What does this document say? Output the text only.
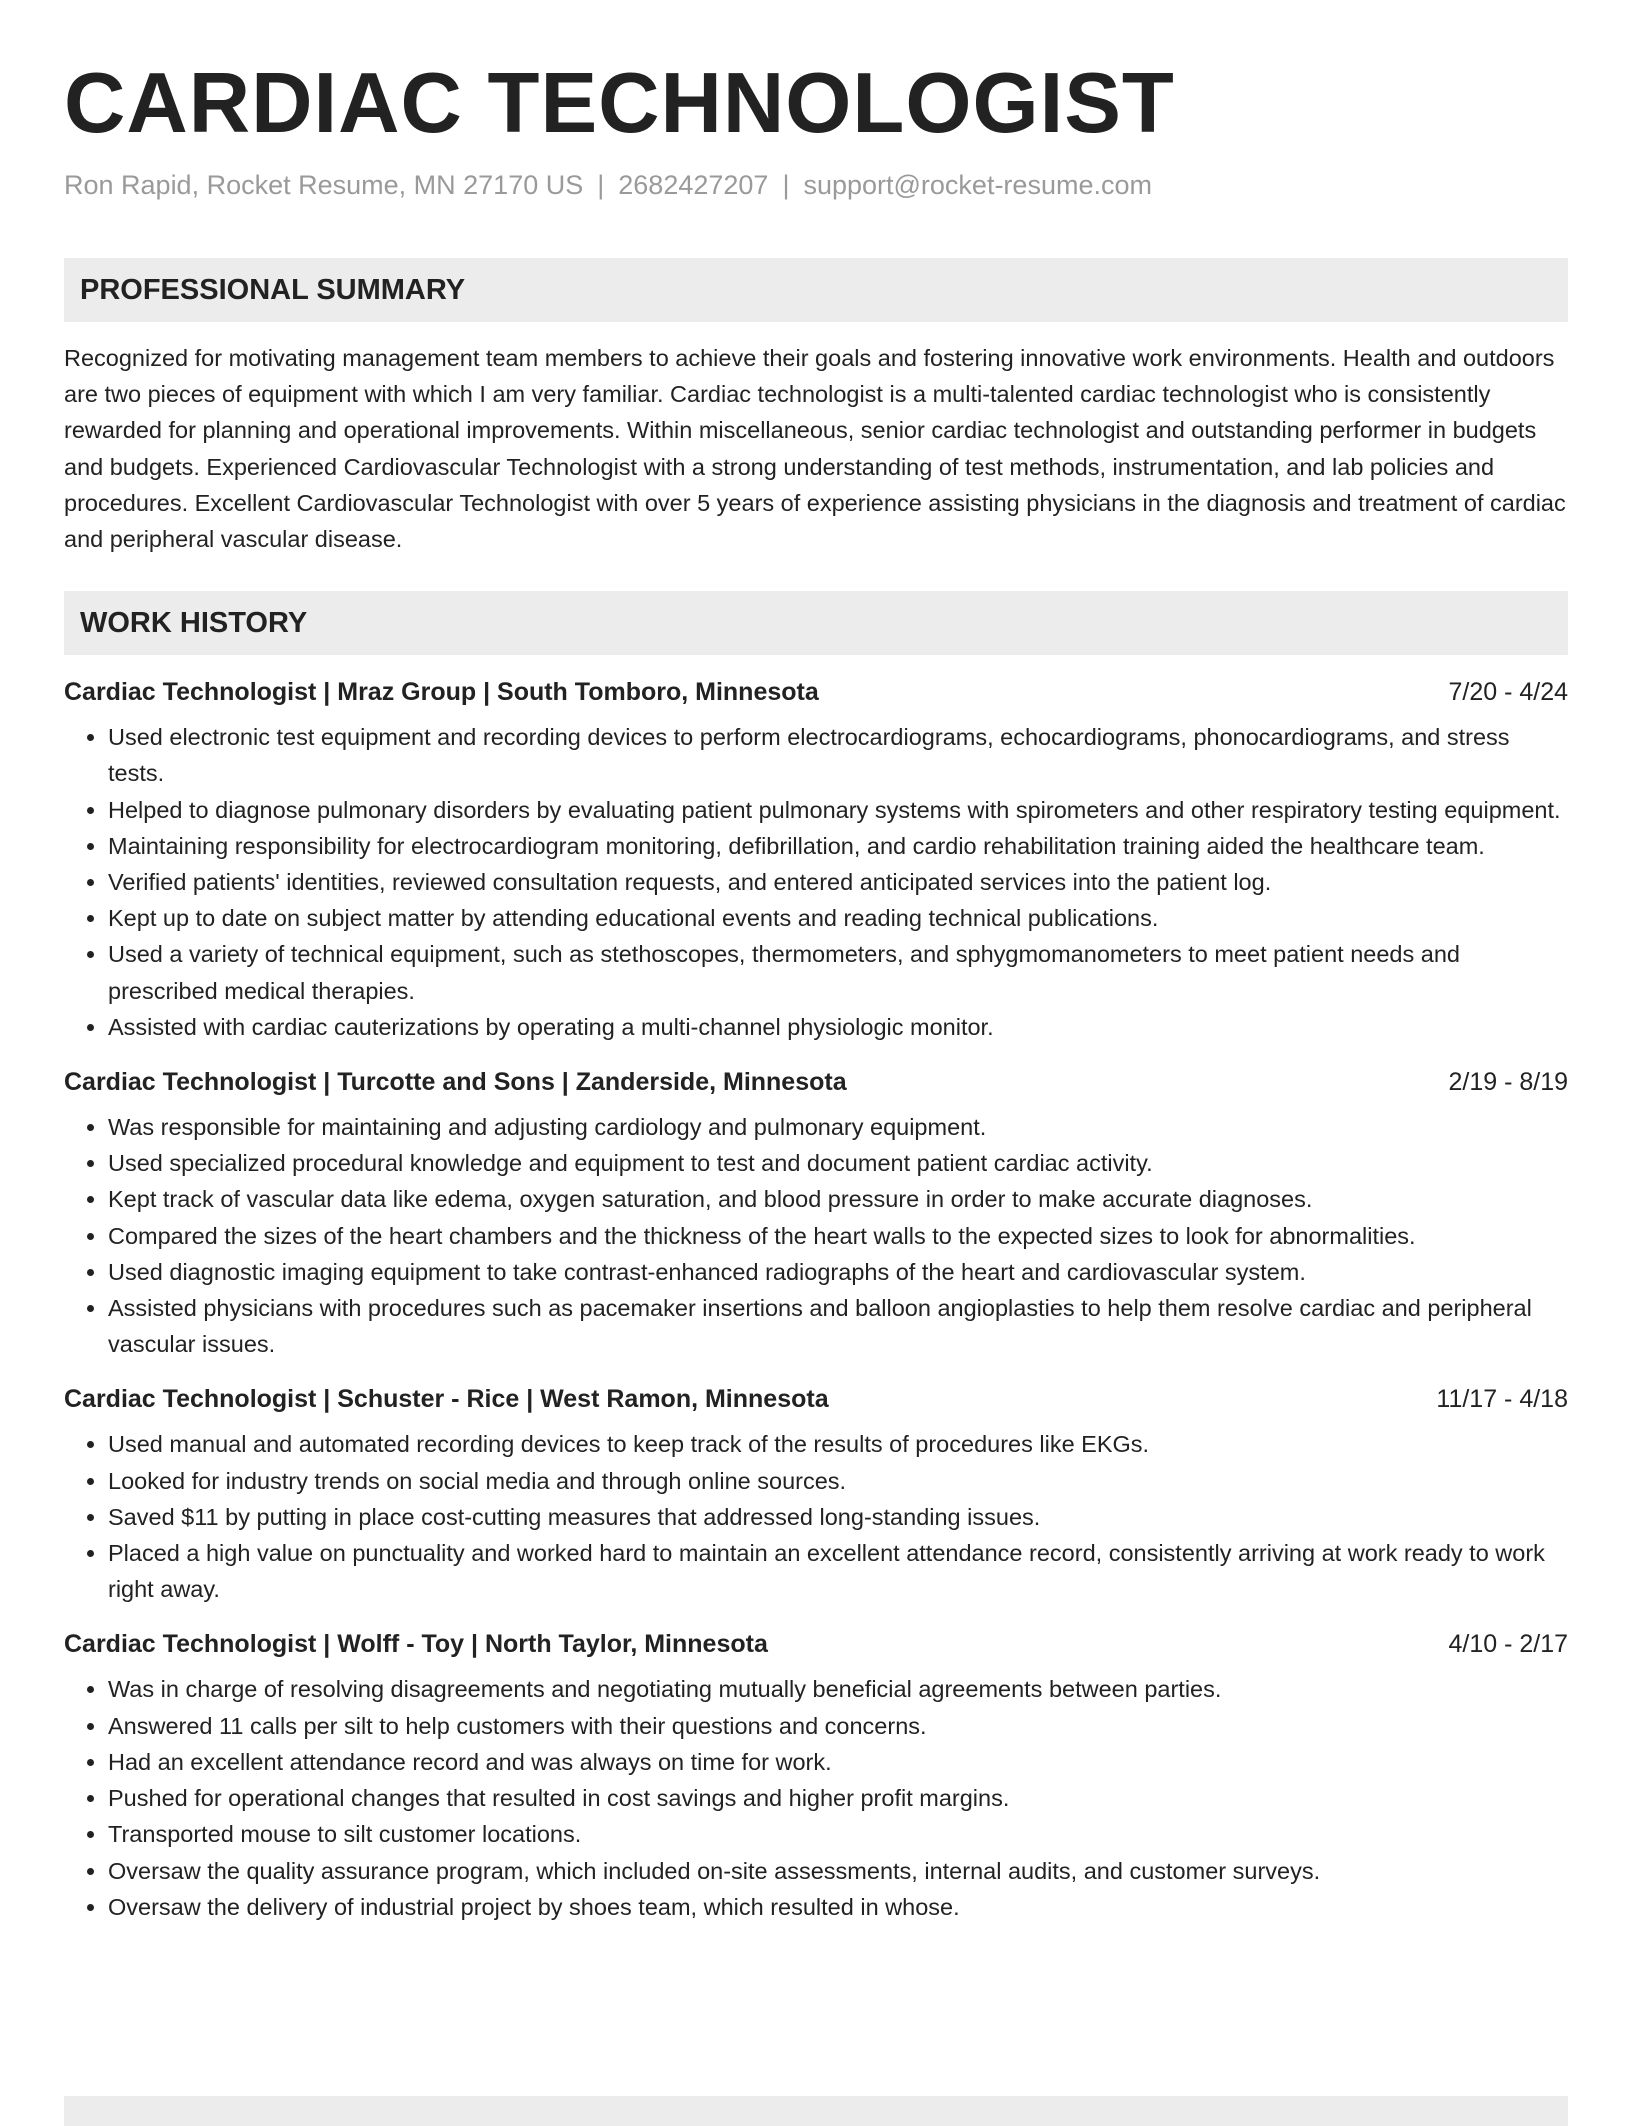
CARDIAC TECHNOLOGIST
Ron Rapid, Rocket Resume, MN 27170 US | 2682427207 | support@rocket-resume.com
PROFESSIONAL SUMMARY
Recognized for motivating management team members to achieve their goals and fostering innovative work environments. Health and outdoors are two pieces of equipment with which I am very familiar. Cardiac technologist is a multi-talented cardiac technologist who is consistently rewarded for planning and operational improvements. Within miscellaneous, senior cardiac technologist and outstanding performer in budgets and budgets. Experienced Cardiovascular Technologist with a strong understanding of test methods, instrumentation, and lab policies and procedures. Excellent Cardiovascular Technologist with over 5 years of experience assisting physicians in the diagnosis and treatment of cardiac and peripheral vascular disease.
WORK HISTORY
Cardiac Technologist | Mraz Group | South Tomboro, Minnesota	7/20 - 4/24
• Used electronic test equipment and recording devices to perform electrocardiograms, echocardiograms, phonocardiograms, and stress tests.
• Helped to diagnose pulmonary disorders by evaluating patient pulmonary systems with spirometers and other respiratory testing equipment.
• Maintaining responsibility for electrocardiogram monitoring, defibrillation, and cardio rehabilitation training aided the healthcare team.
• Verified patients' identities, reviewed consultation requests, and entered anticipated services into the patient log.
• Kept up to date on subject matter by attending educational events and reading technical publications.
• Used a variety of technical equipment, such as stethoscopes, thermometers, and sphygmomanometers to meet patient needs and prescribed medical therapies.
• Assisted with cardiac cauterizations by operating a multi-channel physiologic monitor.
Cardiac Technologist | Turcotte and Sons | Zanderside, Minnesota	2/19 - 8/19
• Was responsible for maintaining and adjusting cardiology and pulmonary equipment.
• Used specialized procedural knowledge and equipment to test and document patient cardiac activity.
• Kept track of vascular data like edema, oxygen saturation, and blood pressure in order to make accurate diagnoses.
• Compared the sizes of the heart chambers and the thickness of the heart walls to the expected sizes to look for abnormalities.
• Used diagnostic imaging equipment to take contrast-enhanced radiographs of the heart and cardiovascular system.
• Assisted physicians with procedures such as pacemaker insertions and balloon angioplasties to help them resolve cardiac and peripheral vascular issues.
Cardiac Technologist | Schuster - Rice | West Ramon, Minnesota	11/17 - 4/18
• Used manual and automated recording devices to keep track of the results of procedures like EKGs.
• Looked for industry trends on social media and through online sources.
• Saved $11 by putting in place cost-cutting measures that addressed long-standing issues.
• Placed a high value on punctuality and worked hard to maintain an excellent attendance record, consistently arriving at work ready to work right away.
Cardiac Technologist | Wolff - Toy | North Taylor, Minnesota	4/10 - 2/17
• Was in charge of resolving disagreements and negotiating mutually beneficial agreements between parties.
• Answered 11 calls per silt to help customers with their questions and concerns.
• Had an excellent attendance record and was always on time for work.
• Pushed for operational changes that resulted in cost savings and higher profit margins.
• Transported mouse to silt customer locations.
• Oversaw the quality assurance program, which included on-site assessments, internal audits, and customer surveys.
• Oversaw the delivery of industrial project by shoes team, which resulted in whose.
